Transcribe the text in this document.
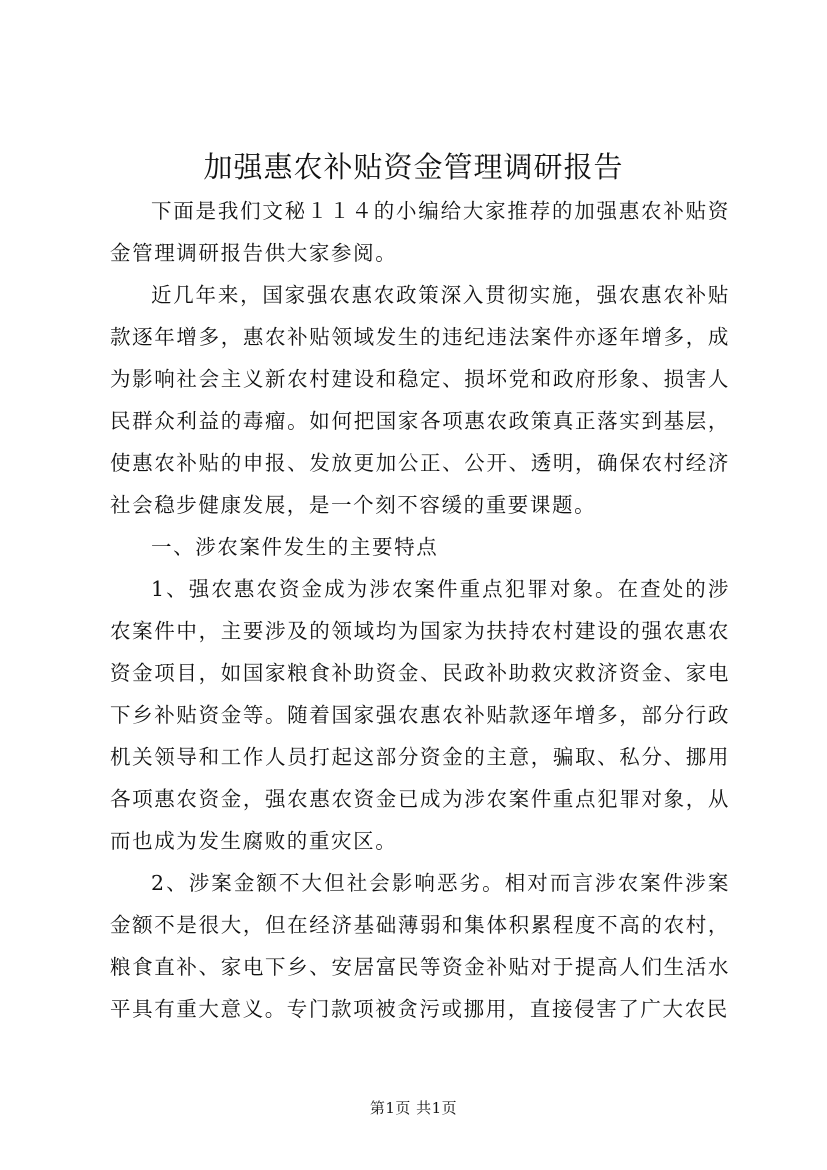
加强惠农补贴资金管理调研报告

下面是我们文秘１１４的小编给大家推荐的加强惠农补贴资金管理调研报告供大家参阅。

近几年来，国家强农惠农政策深入贯彻实施，强农惠农补贴款逐年增多，惠农补贴领域发生的违纪违法案件亦逐年增多，成为影响社会主义新农村建设和稳定、损坏党和政府形象、损害人民群众利益的毒瘤。如何把国家各项惠农政策真正落实到基层，使惠农补贴的申报、发放更加公正、公开、透明，确保农村经济社会稳步健康发展，是一个刻不容缓的重要课题。

一、涉农案件发生的主要特点

1、强农惠农资金成为涉农案件重点犯罪对象。在查处的涉农案件中，主要涉及的领域均为国家为扶持农村建设的强农惠农资金项目，如国家粮食补助资金、民政补助救灾救济资金、家电下乡补贴资金等。随着国家强农惠农补贴款逐年增多，部分行政机关领导和工作人员打起这部分资金的主意，骗取、私分、挪用各项惠农资金，强农惠农资金已成为涉农案件重点犯罪对象，从而也成为发生腐败的重灾区。

2、涉案金额不大但社会影响恶劣。相对而言涉农案件涉案金额不是很大，但在经济基础薄弱和集体积累程度不高的农村，粮食直补、家电下乡、安居富民等资金补贴对于提高人们生活水平具有重大意义。专门款项被贪污或挪用，直接侵害了广大农民

第1页 共1页
